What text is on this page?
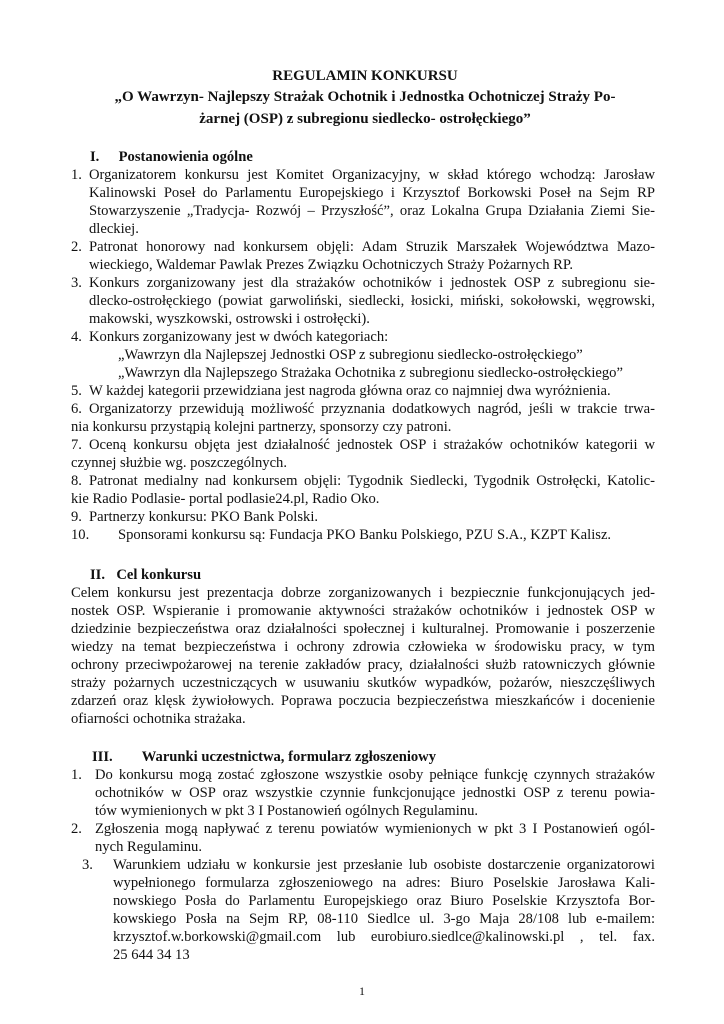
REGULAMIN KONKURSU
„O Wawrzyn- Najlepszy Strażak Ochotnik i Jednostka Ochotniczej Straży Po-
żarnej (OSP) z subregionu siedlecko- ostrołęckiego”
I. Postanowienia ogólne
1. Organizatorem konkursu jest Komitet Organizacyjny, w skład którego wchodzą: Jarosław
Kalinowski Poseł do Parlamentu Europejskiego i Krzysztof Borkowski Poseł na Sejm RP
Stowarzyszenie „Tradycja- Rozwój – Przyszłość”, oraz Lokalna Grupa Działania Ziemi Sie-
dleckiej.
2. Patronat honorowy nad konkursem objęli: Adam Struzik Marszałek Województwa Mazo-
wieckiego, Waldemar Pawlak Prezes Związku Ochotniczych Straży Pożarnych RP.
3. Konkurs zorganizowany jest dla strażaków ochotników i jednostek OSP z subregionu sie-
dlecko-ostrołęckiego (powiat garwoliński, siedlecki, łosicki, miński, sokołowski, węgrowski,
makowski, wyszkowski, ostrowski i ostrołęcki).
4. Konkurs zorganizowany jest w dwóch kategoriach:
„Wawrzyn dla Najlepszej Jednostki OSP z subregionu siedlecko-ostrołęckiego”
„Wawrzyn dla Najlepszego Strażaka Ochotnika z subregionu siedlecko-ostrołęckiego”
5. W każdej kategorii przewidziana jest nagroda główna oraz co najmniej dwa wyróżnienia.
6. Organizatorzy przewidują możliwość przyznania dodatkowych nagród, jeśli w trakcie trwa-
nia konkursu przystąpią kolejni partnerzy, sponsorzy czy patroni.
7. Oceną konkursu objęta jest działalność jednostek OSP i strażaków ochotników kategorii w
czynnej służbie wg. poszczególnych.
8. Patronat medialny nad konkursem objęli: Tygodnik Siedlecki, Tygodnik Ostrołęcki, Katolic-
kie Radio Podlasie- portal podlasie24.pl, Radio Oko.
9. Partnerzy konkursu: PKO Bank Polski.
10. Sponsorami konkursu są: Fundacja PKO Banku Polskiego, PZU S.A., KZPT Kalisz.
II. Cel konkursu
Celem konkursu jest prezentacja dobrze zorganizowanych i bezpiecznie funkcjonujących jed-
nostek OSP. Wspieranie i promowanie aktywności strażaków ochotników i jednostek OSP w
dziedzinie bezpieczeństwa oraz działalności społecznej i kulturalnej. Promowanie i poszerzenie
wiedzy na temat bezpieczeństwa i ochrony zdrowia człowieka w środowisku pracy, w tym
ochrony przeciwpożarowej na terenie zakładów pracy, działalności służb ratowniczych głównie
straży pożarnych uczestniczących w usuwaniu skutków wypadków, pożarów, nieszczęśliwych
zdarzeń oraz klęsk żywiołowych. Poprawa poczucia bezpieczeństwa mieszkańców i docenienie
ofiarności ochotnika strażaka.
III. Warunki uczestnictwa, formularz zgłoszeniowy
1. Do konkursu mogą zostać zgłoszone wszystkie osoby pełniące funkcję czynnych strażaków
ochotników w OSP oraz wszystkie czynnie funkcjonujące jednostki OSP z terenu powia-
tów wymienionych w pkt 3 I Postanowień ogólnych Regulaminu.
2. Zgłoszenia mogą napływać z terenu powiatów wymienionych w pkt 3 I Postanowień ogól-
nych Regulaminu.
3. Warunkiem udziału w konkursie jest przesłanie lub osobiste dostarczenie organizatorowi
wypełnionego formularza zgłoszeniowego na adres: Biuro Poselskie Jarosława Kali-
nowskiego Posła do Parlamentu Europejskiego oraz Biuro Poselskie Krzysztofa Bor-
kowskiego Posła na Sejm RP, 08-110 Siedlce ul. 3-go Maja 28/108 lub e-mailem:
krzysztof.w.borkowski@gmail.com lub eurobiuro.siedlce@kalinowski.pl , tel. fax.
25 644 34 13
1
